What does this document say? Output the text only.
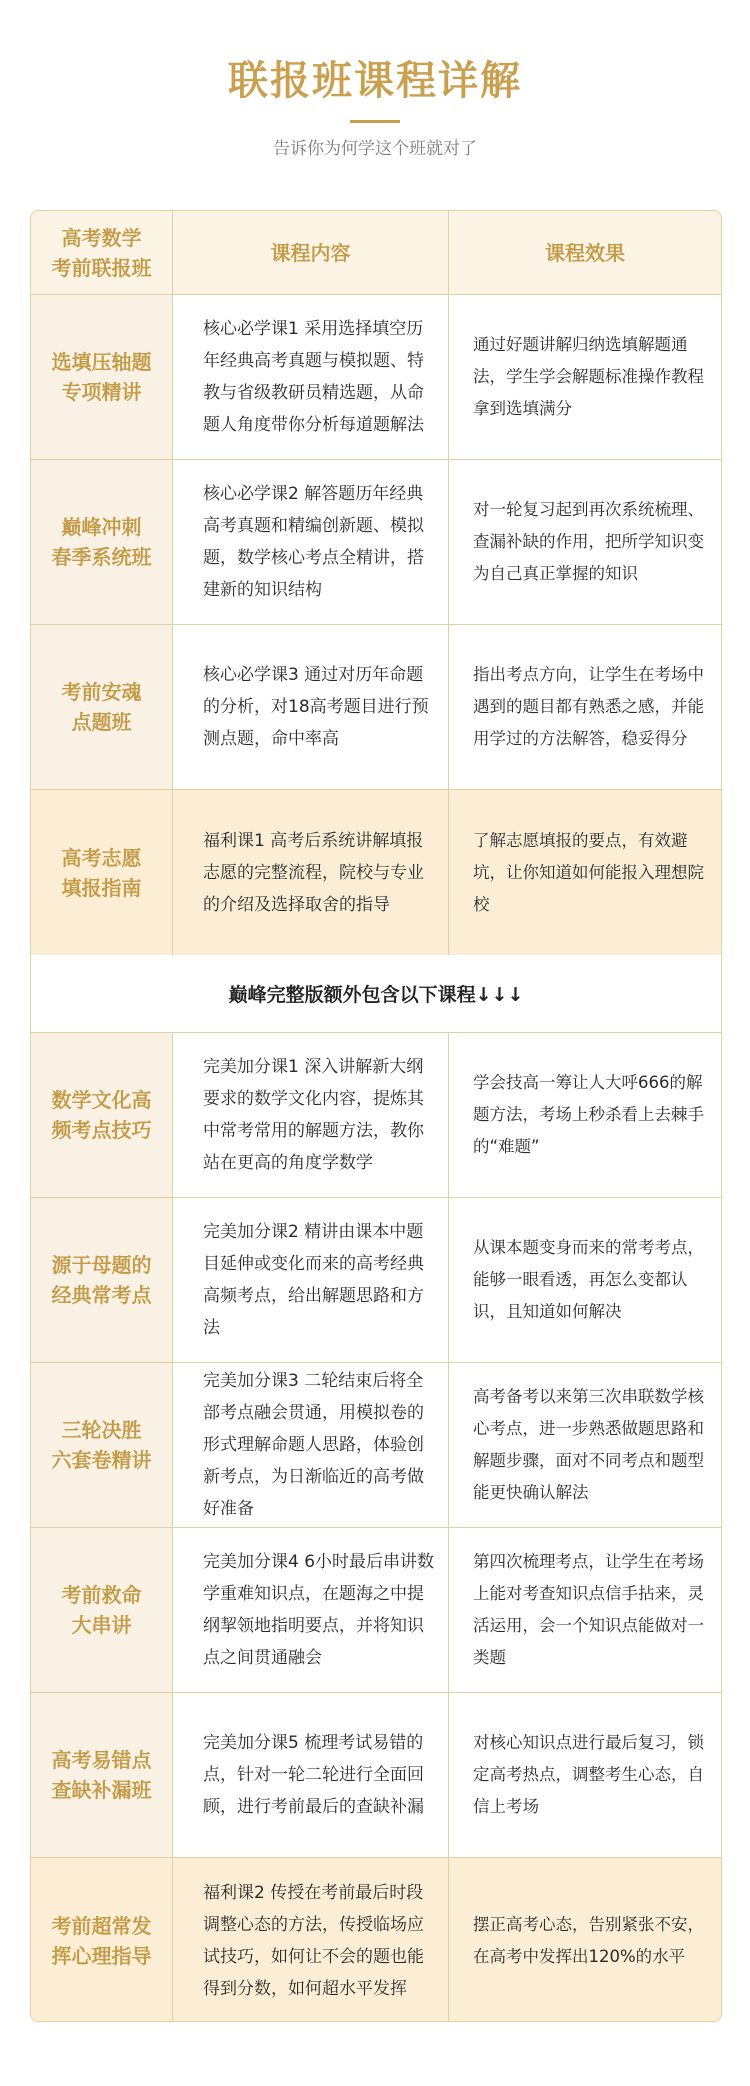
联报班课程详解
告诉你为何学这个班就对了
高考数学
考前联报班
课程内容	课程效果
选填压轴题
专项精讲
核心必学课1 采用选择填空历年经典高考真题与模拟题、特教与省级教研员精选题，从命题人角度带你分析每道题解法
通过好题讲解归纳选填解题通法，学生学会解题标准操作教程拿到选填满分
巅峰冲刺
春季系统班
核心必学课2 解答题历年经典高考真题和精编创新题、模拟题，数学核心考点全精讲，搭建新的知识结构
对一轮复习起到再次系统梳理、查漏补缺的作用，把所学知识变为自己真正掌握的知识
考前安魂
点题班
核心必学课3 通过对历年命题的分析，对18高考题目进行预测点题，命中率高
指出考点方向，让学生在考场中遇到的题目都有熟悉之感，并能用学过的方法解答，稳妥得分
高考志愿
填报指南
福利课1 高考后系统讲解填报志愿的完整流程，院校与专业的介绍及选择取舍的指导
了解志愿填报的要点，有效避坑，让你知道如何能报入理想院校
巅峰完整版额外包含以下课程↓↓↓
数学文化高
频考点技巧
完美加分课1 深入讲解新大纲要求的数学文化内容，提炼其中常考常用的解题方法，教你站在更高的角度学数学
学会技高一筹让人大呼666的解题方法，考场上秒杀看上去棘手的“难题”
源于母题的
经典常考点
完美加分课2 精讲由课本中题目延伸或变化而来的高考经典高频考点，给出解题思路和方法
从课本题变身而来的常考考点，能够一眼看透，再怎么变都认识，且知道如何解决
三轮决胜
六套卷精讲
完美加分课3 二轮结束后将全部考点融会贯通，用模拟卷的形式理解命题人思路，体验创新考点，为日渐临近的高考做好准备
高考备考以来第三次串联数学核心考点，进一步熟悉做题思路和解题步骤，面对不同考点和题型能更快确认解法
考前救命
大串讲
完美加分课4 6小时最后串讲数学重难知识点，在题海之中提纲挈领地指明要点，并将知识点之间贯通融会
第四次梳理考点，让学生在考场上能对考查知识点信手拈来，灵活运用，会一个知识点能做对一类题
高考易错点
查缺补漏班
完美加分课5 梳理考试易错的点，针对一轮二轮进行全面回顾，进行考前最后的查缺补漏
对核心知识点进行最后复习，锁定高考热点，调整考生心态，自信上考场
考前超常发
挥心理指导
福利课2 传授在考前最后时段调整心态的方法，传授临场应试技巧，如何让不会的题也能得到分数，如何超水平发挥
摆正高考心态，告别紧张不安，在高考中发挥出120%的水平
